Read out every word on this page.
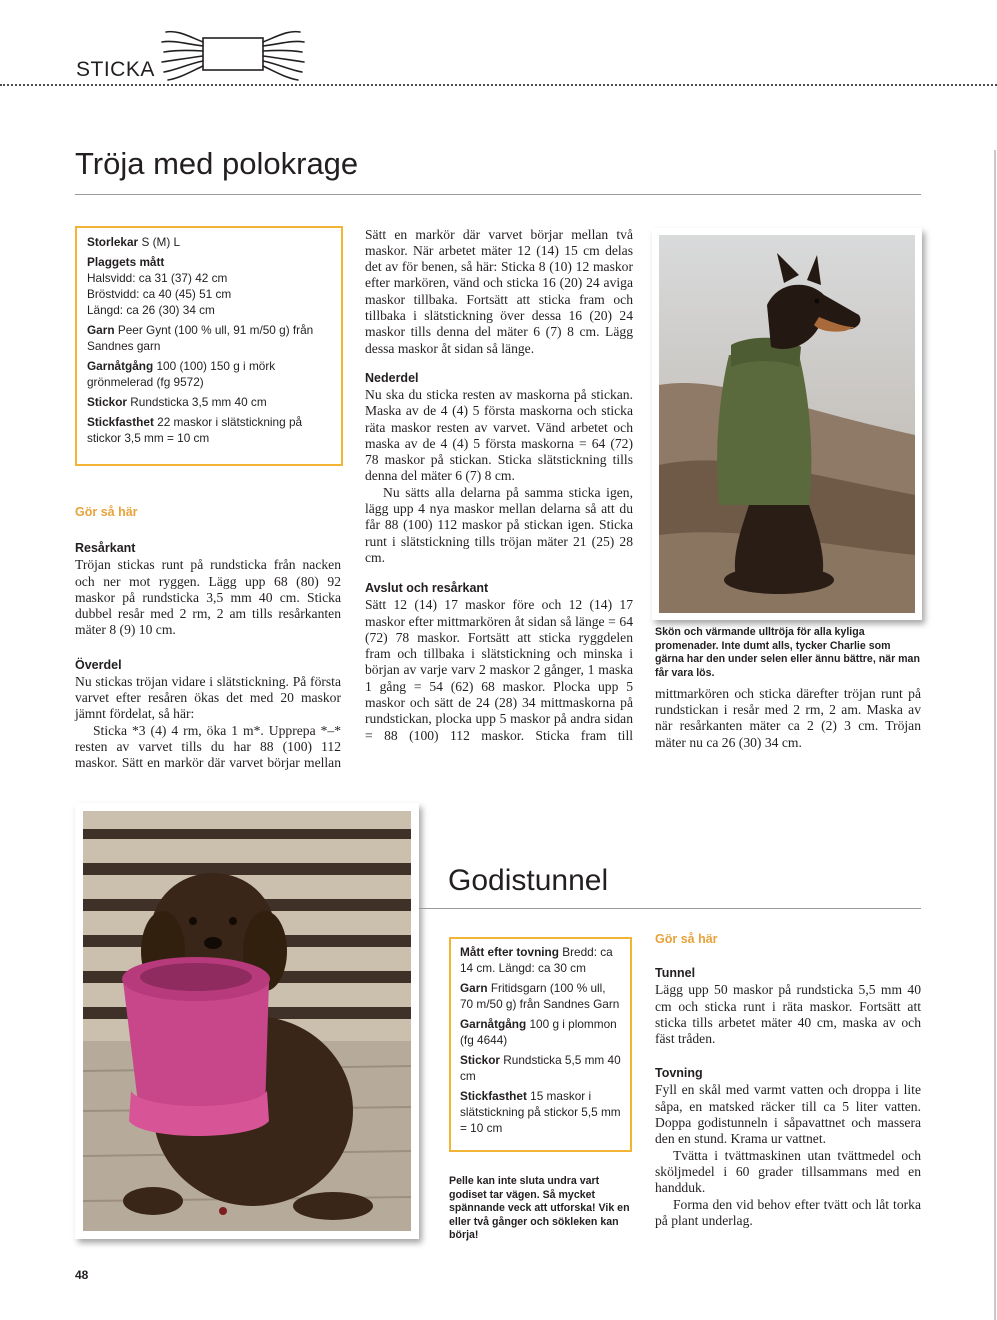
STICKA
Tröja med polokrage

Storlekar S (M) L

Plaggets mått

Halsvidd: ca 31 (37) 42 cm

Bröstvidd: ca 40 (45) 51 cm

Längd: ca 26 (30) 34 cm

Garn Peer Gynt (100 % ull, 91 m/50 g) från Sandnes garn

Garnåtgång 100 (100) 150 g i mörk grönmelerad (fg 9572)

Stickor Rundsticka 3,5 mm 40 cm

Stickfasthet 22 maskor i slätstickning på stickor 3,5 mm = 10 cm

Gör så här
Resårkant

Tröjan stickas runt på rundsticka från nacken och ner mot ryggen. Lägg upp 68 (80) 92 maskor på rundsticka 3,5 mm 40 cm. Sticka dubbel resår med 2 rm, 2 am tills resårkanten mäter 8 (9) 10 cm.

Överdel

Nu stickas tröjan vidare i slätstickning. På första varvet efter resåren ökas det med 20 maskor jämnt fördelat, så här:

Sticka *3 (4) 4 rm, öka 1 m*. Upprepa *–* resten av varvet tills du har 88 (100) 112 maskor. Sätt en markör där varvet börjar mellan

Sätt en markör där varvet börjar mellan två maskor. När arbetet mäter 12 (14) 15 cm delas det av för benen, så här: Sticka 8 (10) 12 maskor efter markören, vänd och sticka 16 (20) 24 aviga maskor tillbaka. Fortsätt att sticka fram och tillbaka i slätstickning över dessa 16 (20) 24 maskor tills denna del mäter 6 (7) 8 cm. Lägg dessa maskor åt sidan så länge.

Nederdel

Nu ska du sticka resten av maskorna på stickan. Maska av de 4 (4) 5 första maskorna och sticka räta maskor resten av varvet. Vänd arbetet och maska av de 4 (4) 5 första maskorna = 64 (72) 78 maskor på stickan. Sticka slätstickning tills denna del mäter 6 (7) 8 cm.

Nu sätts alla delarna på samma sticka igen, lägg upp 4 nya maskor mellan delarna så att du får 88 (100) 112 maskor på stickan igen. Sticka runt i slätstickning tills tröjan mäter 21 (25) 28 cm.

Avslut och resårkant

Sätt 12 (14) 17 maskor före och 12 (14) 17 maskor efter mittmarkören åt sidan så länge = 64 (72) 78 maskor. Fortsätt att sticka ryggdelen fram och tillbaka i slätstickning och minska i början av varje varv 2 maskor 2 gånger, 1 maska 1 gång = 54 (62) 68 maskor. Plocka upp 5 maskor och sätt de 24 (28) 34 mittmaskorna på rundstickan, plocka upp 5 maskor på andra sidan = 88 (100) 112 maskor. Sticka fram till

Skön och värmande ulltröja för alla kyliga promenader. Inte dumt alls, tycker Charlie som gärna har den under selen eller ännu bättre, när man får vara lös.

mittmarkören och sticka därefter tröjan runt på rundstickan i resår med 2 rm, 2 am. Maska av när resårkanten mäter ca 2 (2) 3 cm. Tröjan mäter nu ca 26 (30) 34 cm.

Godistunnel

Mått efter tovning Bredd: ca 14 cm. Längd: ca 30 cm

Garn Fritidsgarn (100 % ull, 70 m/50 g) från Sandnes Garn

Garnåtgång 100 g i plommon (fg 4644)

Stickor Rundsticka 5,5 mm 40 cm

Stickfasthet 15 maskor i slätstickning på stickor 5,5 mm = 10 cm

Pelle kan inte sluta undra vart godiset tar vägen. Så mycket spännande veck att utforska! Vik en eller två gånger och sökleken kan börja!
Gör så här
Tunnel

Lägg upp 50 maskor på rundsticka 5,5 mm 40 cm och sticka runt i räta maskor. Fortsätt att sticka tills arbetet mäter 40 cm, maska av och fäst tråden.

Tovning

Fyll en skål med varmt vatten och droppa i lite såpa, en matsked räcker till ca 5 liter vatten. Doppa godistunneln i såpavattnet och massera den en stund. Krama ur vattnet.

Tvätta i tvättmaskinen utan tvättmedel och sköljmedel i 60 grader tillsammans med en handduk.

Forma den vid behov efter tvätt och låt torka på plant underlag.

48
